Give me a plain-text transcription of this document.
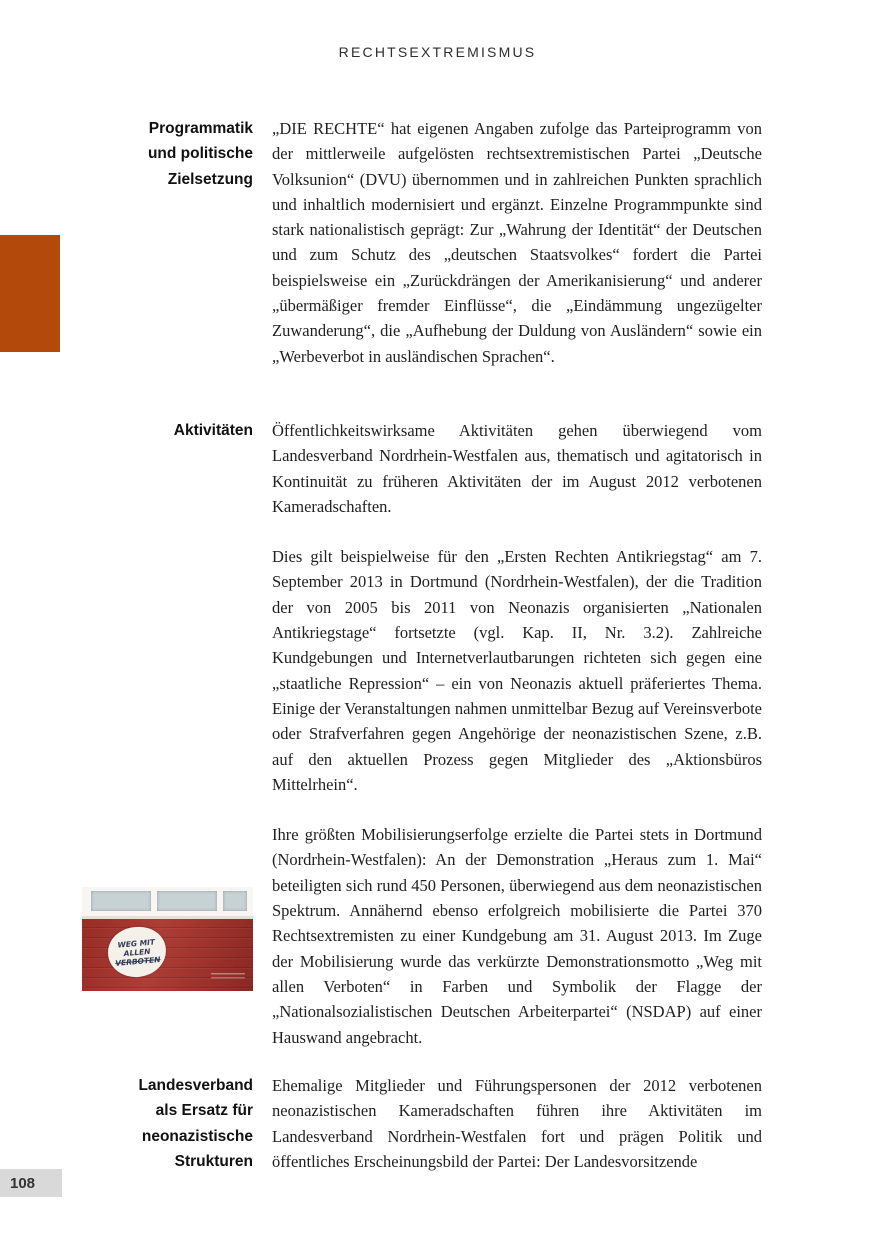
RECHTSEXTREMISMUS
Programmatik
und politische
Zielsetzung

„DIE RECHTE“ hat eigenen Angaben zufolge das Parteiprogramm von der mittlerweile aufgelösten rechtsextremistischen Partei „Deutsche Volksunion“ (DVU) übernommen und in zahlreichen Punkten sprachlich und inhaltlich modernisiert und ergänzt. Einzelne Programmpunkte sind stark nationalistisch geprägt: Zur „Wahrung der Identität“ der Deutschen und zum Schutz des „deutschen Staatsvolkes“ fordert die Partei beispielsweise ein „Zurückdrängen der Amerikanisierung“ und anderer „übermäßiger fremder Einflüsse“, die „Eindämmung ungezügelter Zuwanderung“, die „Aufhebung der Duldung von Ausländern“ sowie ein „Werbeverbot in ausländischen Sprachen“.

Aktivitäten Öffentlichkeitswirksame Aktivitäten gehen überwiegend vom Landesverband Nordrhein-Westfalen aus, thematisch und agitatorisch in Kontinuität zu früheren Aktivitäten der im August 2012 verbotenen Kameradschaften.

Dies gilt beispielweise für den „Ersten Rechten Antikriegstag“ am 7. September 2013 in Dortmund (Nordrhein-Westfalen), der die Tradition der von 2005 bis 2011 von Neonazis organisierten „Nationalen Antikriegstage“ fortsetzte (vgl. Kap. II, Nr. 3.2). Zahlreiche Kundgebungen und Internetverlautbarungen richteten sich gegen eine „staatliche Repression“ – ein von Neonazis aktuell präferiertes Thema. Einige der Veranstaltungen nahmen unmittelbar Bezug auf Vereinsverbote oder Strafverfahren gegen Angehörige der neonazistischen Szene, z.B. auf den aktuellen Prozess gegen Mitglieder des „Aktionsbüros Mittelrhein“.

Ihre größten Mobilisierungserfolge erzielte die Partei stets in Dortmund (Nordrhein-Westfalen): An der Demonstration „Heraus zum 1. Mai“ beteiligten sich rund 450 Personen, überwiegend aus dem neonazistischen Spektrum. Annähernd ebenso erfolgreich mobilisierte die Partei 370 Rechtsextremisten zu einer Kundgebung am 31. August 2013. Im Zuge der Mobilisierung wurde das verkürzte Demonstrationsmotto „Weg mit allen Verboten“ in Farben und Symbolik der Flagge der „Nationalsozialistischen Deutschen Arbeiterpartei“ (NSDAP) auf einer Hauswand angebracht.

Landesverband
als Ersatz für
neonazistische
Strukturen

Ehemalige Mitglieder und Führungspersonen der 2012 verbotenen neonazistischen Kameradschaften führen ihre Aktivitäten im Landesverband Nordrhein-Westfalen fort und prägen Politik und öffentliches Erscheinungsbild der Partei: Der Landesvorsitzende

WEG MIT
ALLEN
VERBOTEN
108
